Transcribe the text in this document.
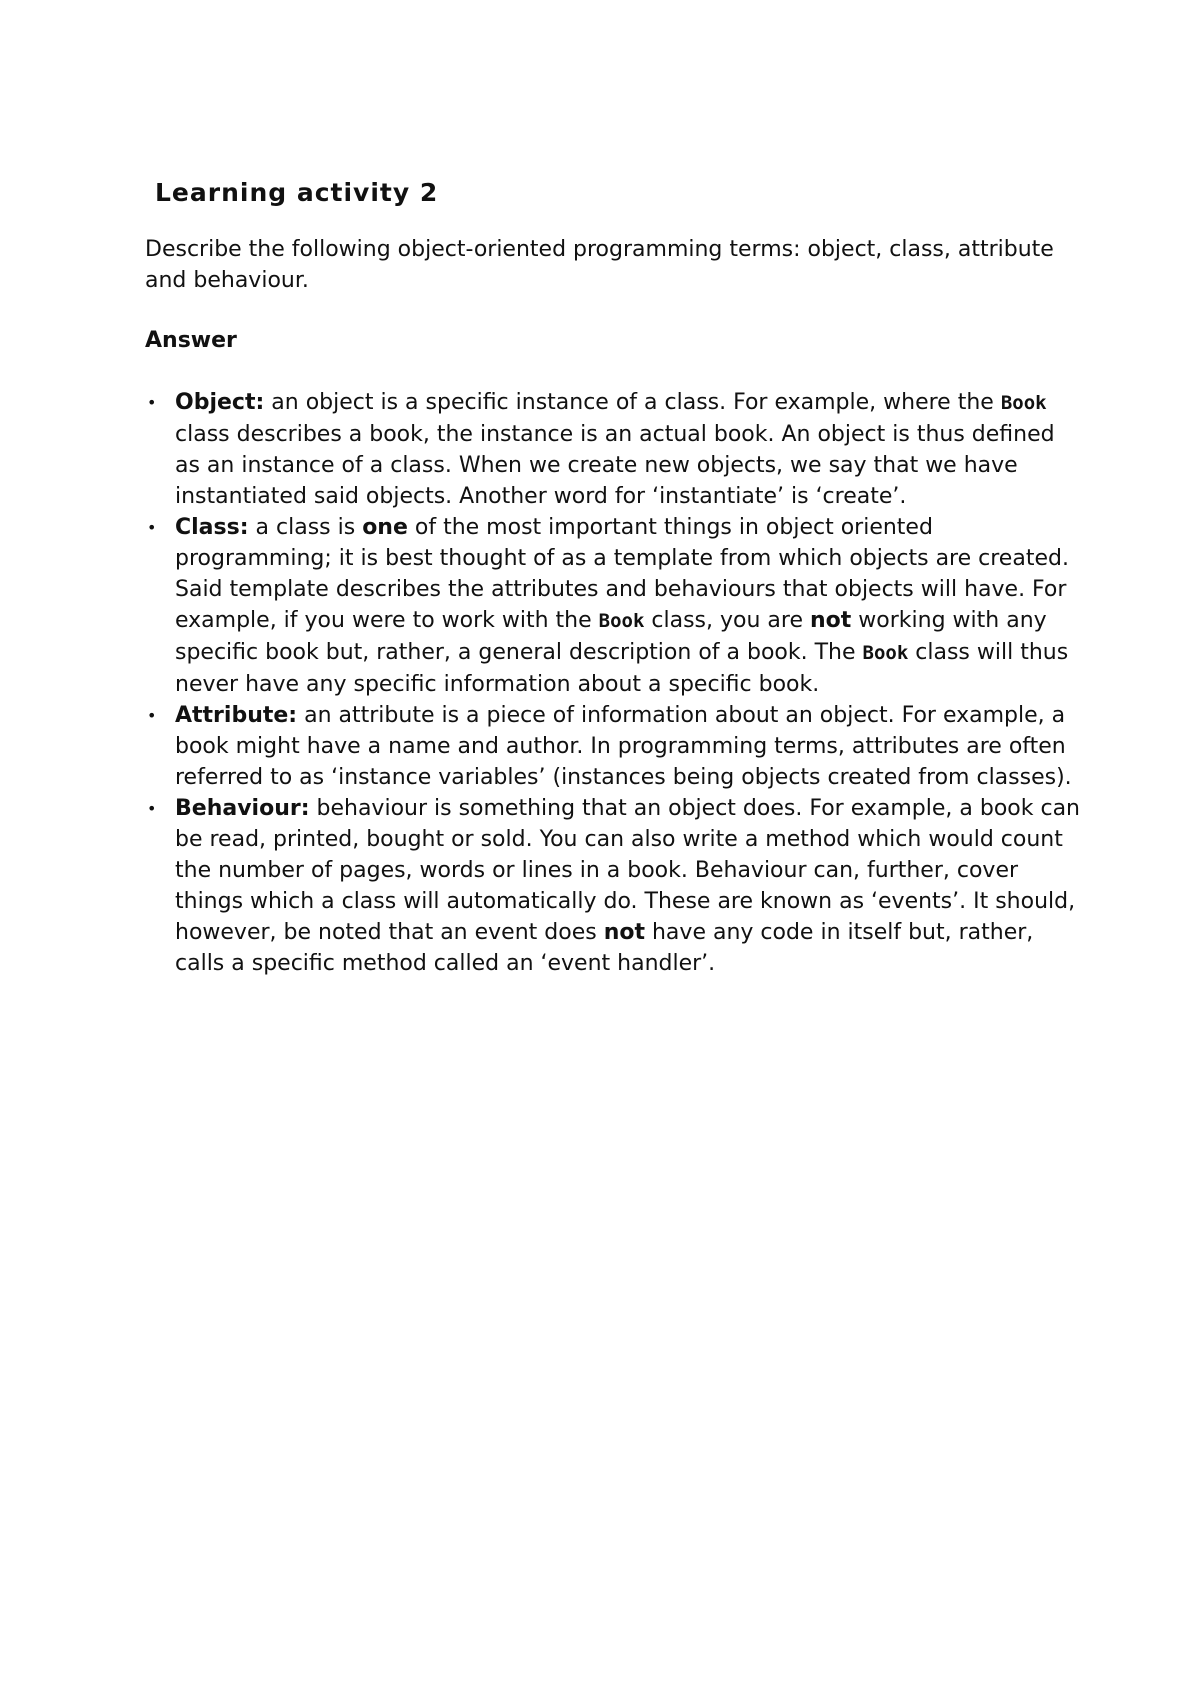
Learning activity 2

Describe the following object-oriented programming terms: object, class, attribute and behaviour.

Answer

• Object: an object is a specific instance of a class. For example, where the Book class describes a book, the instance is an actual book. An object is thus defined as an instance of a class. When we create new objects, we say that we have instantiated said objects. Another word for ‘instantiate’ is ‘create’.
• Class: a class is one of the most important things in object oriented programming; it is best thought of as a template from which objects are created. Said template describes the attributes and behaviours that objects will have. For example, if you were to work with the Book class, you are not working with any specific book but, rather, a general description of a book. The Book class will thus never have any specific information about a specific book.
• Attribute: an attribute is a piece of information about an object. For example, a book might have a name and author. In programming terms, attributes are often referred to as ‘instance variables’ (instances being objects created from classes).
• Behaviour: behaviour is something that an object does. For example, a book can be read, printed, bought or sold. You can also write a method which would count the number of pages, words or lines in a book. Behaviour can, further, cover things which a class will automatically do. These are known as ‘events’. It should, however, be noted that an event does not have any code in itself but, rather, calls a specific method called an ‘event handler’.
